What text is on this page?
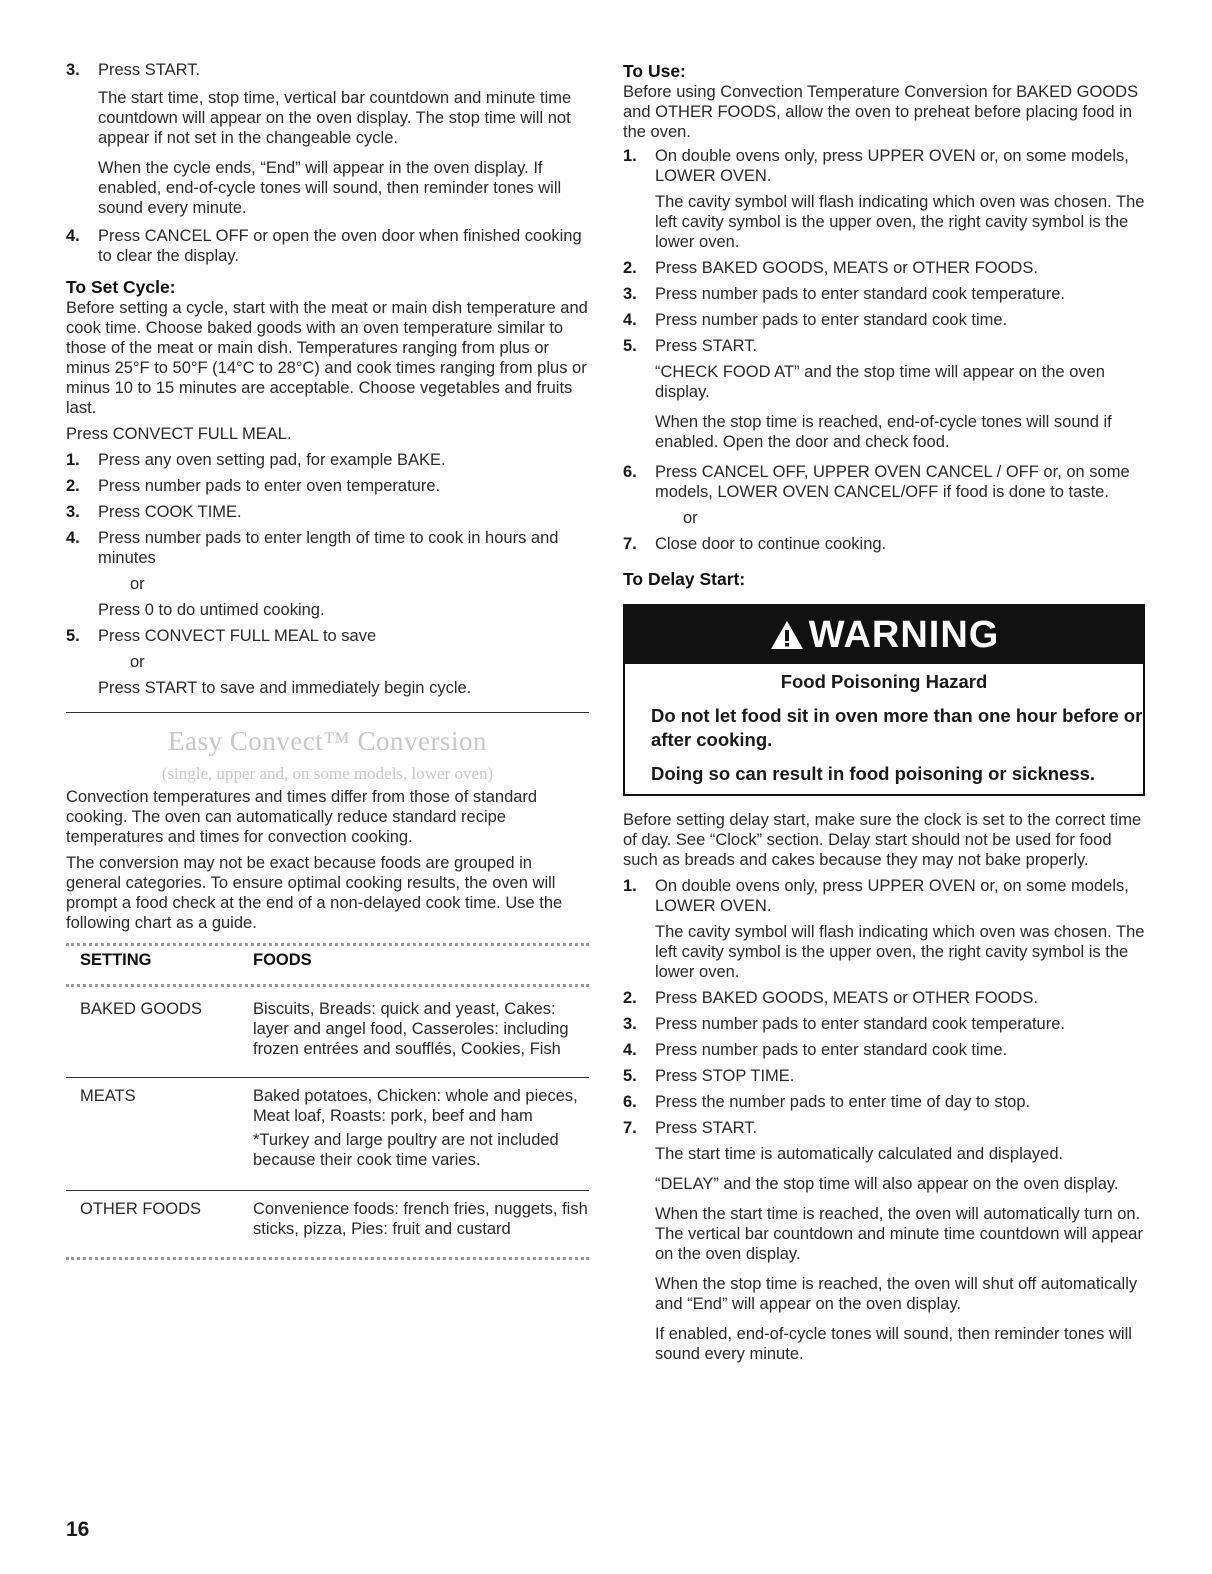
3.	Press START.

The start time, stop time, vertical bar countdown and minute time countdown will appear on the oven display. The stop time will not appear if not set in the changeable cycle.

When the cycle ends, “End” will appear in the oven display. If enabled, end-of-cycle tones will sound, then reminder tones will sound every minute.

4.	Press CANCEL OFF or open the oven door when finished cooking to clear the display.

To Set Cycle:

Before setting a cycle, start with the meat or main dish temperature and cook time. Choose baked goods with an oven temperature similar to those of the meat or main dish. Temperatures ranging from plus or minus 25°F to 50°F (14°C to 28°C) and cook times ranging from plus or minus 10 to 15 minutes are acceptable. Choose vegetables and fruits last.

Press CONVECT FULL MEAL.

1.	Press any oven setting pad, for example BAKE.
2.	Press number pads to enter oven temperature.
3.	Press COOK TIME.
4.	Press number pads to enter length of time to cook in hours and minutes

or

Press 0 to do untimed cooking.

5.	Press CONVECT FULL MEAL to save

or

Press START to save and immediately begin cycle.

Easy Convect™ Conversion

(single, upper and, on some models, lower oven)

Convection temperatures and times differ from those of standard cooking. The oven can automatically reduce standard recipe temperatures and times for convection cooking.

The conversion may not be exact because foods are grouped in general categories. To ensure optimal cooking results, the oven will prompt a food check at the end of a non-delayed cook time. Use the following chart as a guide.

SETTING	FOODS
BAKED GOODS	Biscuits, Breads: quick and yeast, Cakes: layer and angel food, Casseroles: including frozen entrées and soufflés, Cookies, Fish
MEATS	Baked potatoes, Chicken: whole and pieces, Meat loaf, Roasts: pork, beef and ham
*Turkey and large poultry are not included because their cook time varies.
OTHER FOODS	Convenience foods: french fries, nuggets, fish sticks, pizza, Pies: fruit and custard

To Use:

Before using Convection Temperature Conversion for BAKED GOODS and OTHER FOODS, allow the oven to preheat before placing food in the oven.

1.	On double ovens only, press UPPER OVEN or, on some models, LOWER OVEN.

The cavity symbol will flash indicating which oven was chosen. The left cavity symbol is the upper oven, the right cavity symbol is the lower oven.

2.	Press BAKED GOODS, MEATS or OTHER FOODS.
3.	Press number pads to enter standard cook temperature.
4.	Press number pads to enter standard cook time.
5.	Press START.

“CHECK FOOD AT” and the stop time will appear on the oven display.

When the stop time is reached, end-of-cycle tones will sound if enabled. Open the door and check food.

6.	Press CANCEL OFF, UPPER OVEN CANCEL / OFF or, on some models, LOWER OVEN CANCEL/OFF if food is done to taste.

or

7.	Close door to continue cooking.

To Delay Start:

WARNING

Food Poisoning Hazard

Do not let food sit in oven more than one hour before or after cooking.

Doing so can result in food poisoning or sickness.

Before setting delay start, make sure the clock is set to the correct time of day. See “Clock” section. Delay start should not be used for food such as breads and cakes because they may not bake properly.

1.	On double ovens only, press UPPER OVEN or, on some models, LOWER OVEN.

The cavity symbol will flash indicating which oven was chosen. The left cavity symbol is the upper oven, the right cavity symbol is the lower oven.

2.	Press BAKED GOODS, MEATS or OTHER FOODS.
3.	Press number pads to enter standard cook temperature.
4.	Press number pads to enter standard cook time.
5.	Press STOP TIME.
6.	Press the number pads to enter time of day to stop.
7.	Press START.

The start time is automatically calculated and displayed.

“DELAY” and the stop time will also appear on the oven display.

When the start time is reached, the oven will automatically turn on. The vertical bar countdown and minute time countdown will appear on the oven display.

When the stop time is reached, the oven will shut off automatically and “End” will appear on the oven display.

If enabled, end-of-cycle tones will sound, then reminder tones will sound every minute.

16
